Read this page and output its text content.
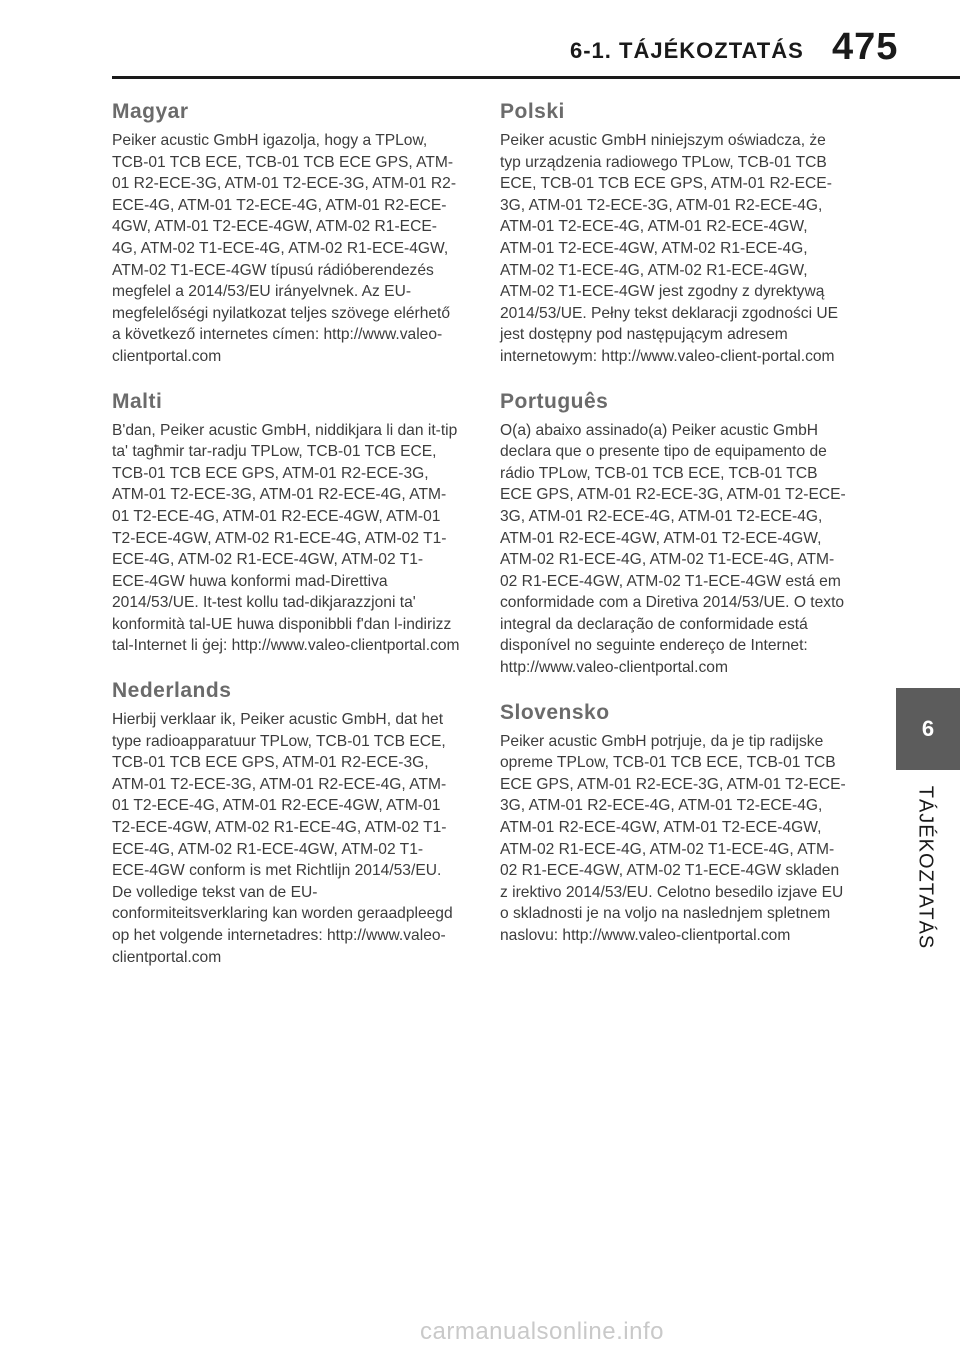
6-1. TÁJÉKOZTATÁS 475
Magyar

Peiker acustic GmbH igazolja, hogy a TPLow, TCB-01 TCB ECE, TCB-01 TCB ECE GPS, ATM-01 R2-ECE-3G, ATM-01 T2-ECE-3G, ATM-01 R2-ECE-4G, ATM-01 T2-ECE-4G, ATM-01 R2-ECE-4GW, ATM-01 T2-ECE-4GW, ATM-02 R1-ECE-4G, ATM-02 T1-ECE-4G, ATM-02 R1-ECE-4GW, ATM-02 T1-ECE-4GW típusú rádióberendezés megfelel a 2014/53/EU irányelvnek. Az EU-megfelelőségi nyilatkozat teljes szövege elérhető a következő internetes címen: http://www.valeo-clientportal.com

Malti

B'dan, Peiker acustic GmbH, niddikjara li dan it-tip ta' tagħmir tar-radju TPLow, TCB-01 TCB ECE, TCB-01 TCB ECE GPS, ATM-01 R2-ECE-3G, ATM-01 T2-ECE-3G, ATM-01 R2-ECE-4G, ATM-01 T2-ECE-4G, ATM-01 R2-ECE-4GW, ATM-01 T2-ECE-4GW, ATM-02 R1-ECE-4G, ATM-02 T1-ECE-4G, ATM-02 R1-ECE-4GW, ATM-02 T1-ECE-4GW huwa konformi mad-Direttiva 2014/53/UE. It-test kollu tad-dikjarazzjoni ta' konformità tal-UE huwa disponibbli f'dan l-indirizz tal-Internet li ġej: http://www.valeo-clientportal.com

Nederlands

Hierbij verklaar ik, Peiker acustic GmbH, dat het type radioapparatuur TPLow, TCB-01 TCB ECE, TCB-01 TCB ECE GPS, ATM-01 R2-ECE-3G, ATM-01 T2-ECE-3G, ATM-01 R2-ECE-4G, ATM-01 T2-ECE-4G, ATM-01 R2-ECE-4GW, ATM-01 T2-ECE-4GW, ATM-02 R1-ECE-4G, ATM-02 T1-ECE-4G, ATM-02 R1-ECE-4GW, ATM-02 T1-ECE-4GW conform is met Richtlijn 2014/53/EU. De volledige tekst van de EU-conformiteitsverklaring kan worden geraadpleegd op het volgende internetadres: http://www.valeo-clientportal.com

Polski

Peiker acustic GmbH niniejszym oświadcza, że typ urządzenia radiowego TPLow, TCB-01 TCB ECE, TCB-01 TCB ECE GPS, ATM-01 R2-ECE-3G, ATM-01 T2-ECE-3G, ATM-01 R2-ECE-4G, ATM-01 T2-ECE-4G, ATM-01 R2-ECE-4GW, ATM-01 T2-ECE-4GW, ATM-02 R1-ECE-4G, ATM-02 T1-ECE-4G, ATM-02 R1-ECE-4GW, ATM-02 T1-ECE-4GW jest zgodny z dyrektywą 2014/53/UE. Pełny tekst deklaracji zgodności UE jest dostępny pod następującym adresem internetowym: http://www.valeo-client-portal.com

Português

O(a) abaixo assinado(a) Peiker acustic GmbH declara que o presente tipo de equipamento de rádio TPLow, TCB-01 TCB ECE, TCB-01 TCB ECE GPS, ATM-01 R2-ECE-3G, ATM-01 T2-ECE-3G, ATM-01 R2-ECE-4G, ATM-01 T2-ECE-4G, ATM-01 R2-ECE-4GW, ATM-01 T2-ECE-4GW, ATM-02 R1-ECE-4G, ATM-02 T1-ECE-4G, ATM-02 R1-ECE-4GW, ATM-02 T1-ECE-4GW está em conformidade com a Diretiva 2014/53/UE. O texto integral da declaração de conformidade está disponível no seguinte endereço de Internet: http://www.valeo-clientportal.com

Slovensko

Peiker acustic GmbH potrjuje, da je tip radijske opreme TPLow, TCB-01 TCB ECE, TCB-01 TCB ECE GPS, ATM-01 R2-ECE-3G, ATM-01 T2-ECE-3G, ATM-01 R2-ECE-4G, ATM-01 T2-ECE-4G, ATM-01 R2-ECE-4GW, ATM-01 T2-ECE-4GW, ATM-02 R1-ECE-4G, ATM-02 T1-ECE-4G, ATM-02 R1-ECE-4GW, ATM-02 T1-ECE-4GW skladen z irektivo 2014/53/EU. Celotno besedilo izjave EU o skladnosti je na voljo na naslednjem spletnem naslovu: http://www.valeo-clientportal.com

6
TÁJÉKOZTATÁS
carmanualsonline.info
